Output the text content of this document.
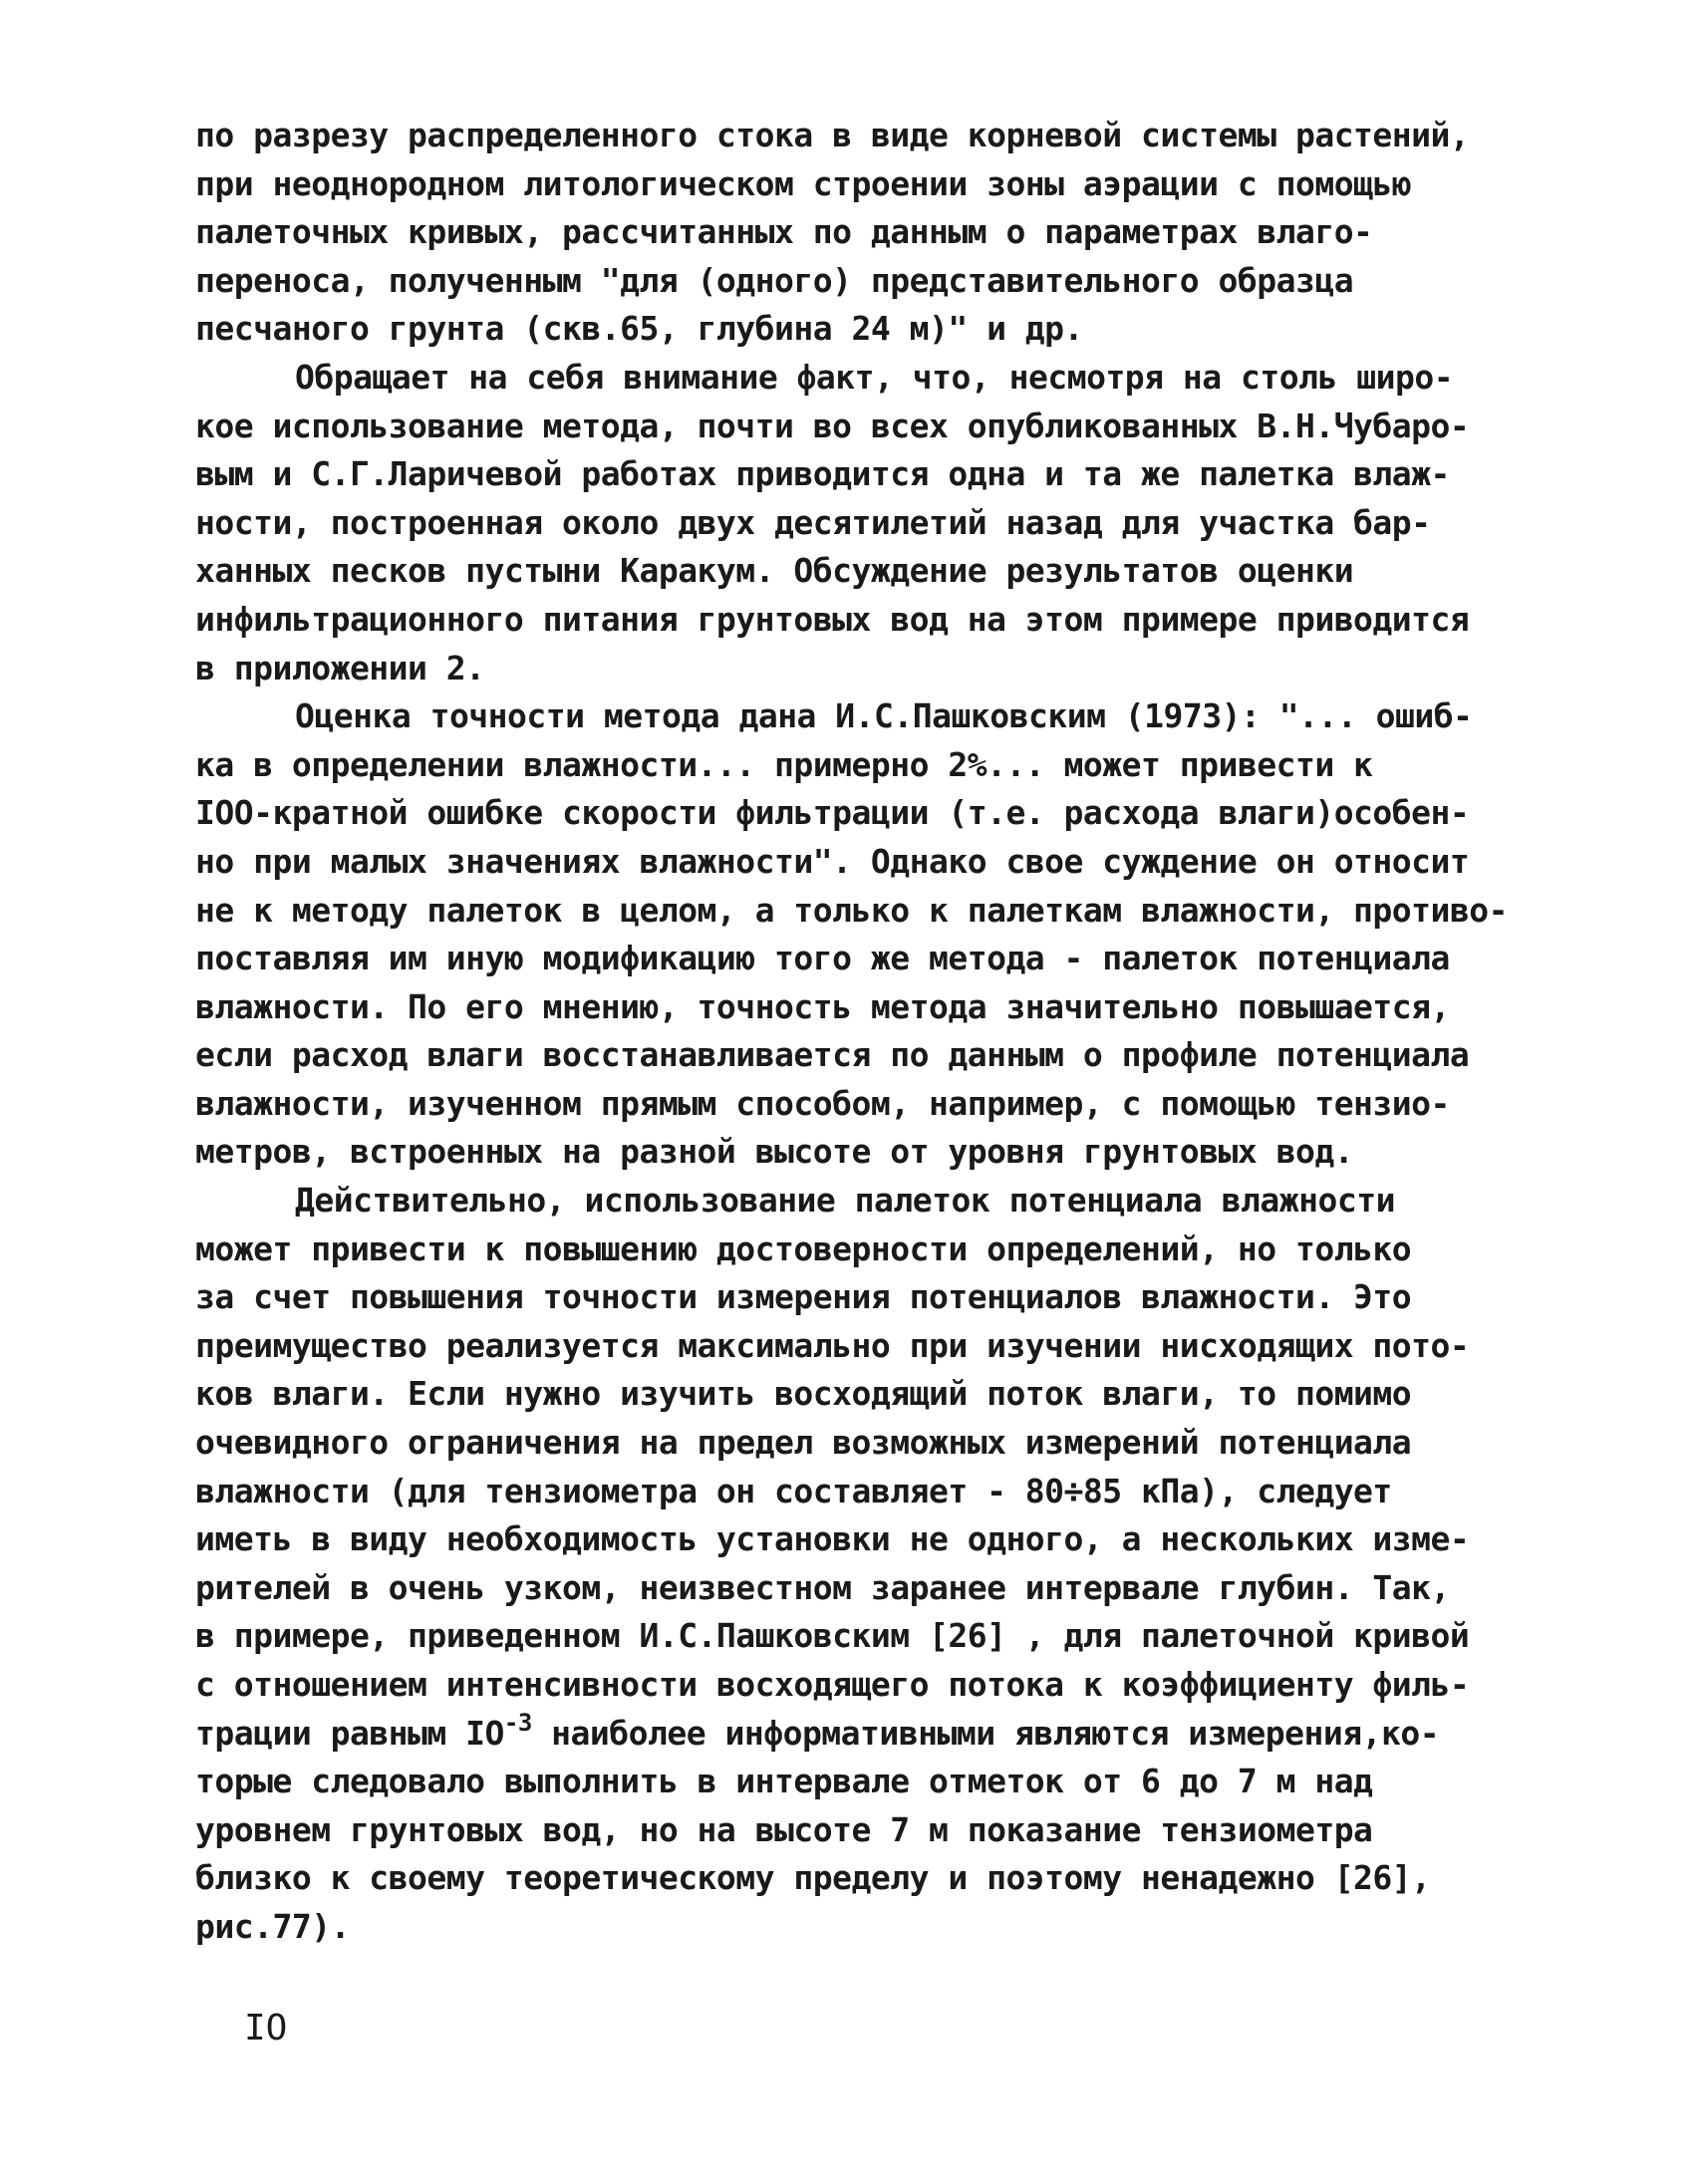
по разрезу распределенного стока в виде корневой системы растений,
при неоднородном литологическом строении зоны аэрации с помощью
палеточных кривых, рассчитанных по данным о параметрах влаго-
переноса, полученным "для (одного) представительного образца
песчаного грунта (скв.65, глубина 24 м)" и др.
Обращает на себя внимание факт, что, несмотря на столь широ-
кое использование метода, почти во всех опубликованных В.Н.Чубаро-
вым и С.Г.Ларичевой работах приводится одна и та же палетка влаж-
ности, построенная около двух десятилетий назад для участка бар-
ханных песков пустыни Каракум. Обсуждение результатов оценки
инфильтрационного питания грунтовых вод на этом примере приводится
в приложении 2.
Оценка точности метода дана И.С.Пашковским (1973): "... ошиб-
ка в определении влажности... примерно 2%... может привести к
IOO-кратной ошибке скорости фильтрации (т.е. расхода влаги)особен-
но при малых значениях влажности". Однако свое суждение он относит
не к методу палеток в целом, а только к палеткам влажности, противо-
поставляя им иную модификацию того же метода - палеток потенциала
влажности. По его мнению, точность метода значительно повышается,
если расход влаги восстанавливается по данным о профиле потенциала
влажности, изученном прямым способом, например, с помощью тензио-
метров, встроенных на разной высоте от уровня грунтовых вод.
Действительно, использование палеток потенциала влажности
может привести к повышению достоверности определений, но только
за счет повышения точности измерения потенциалов влажности. Это
преимущество реализуется максимально при изучении нисходящих пото-
ков влаги. Если нужно изучить восходящий поток влаги, то помимо
очевидного ограничения на предел возможных измерений потенциала
влажности (для тензиометра он составляет - 80÷85 кПа), следует
иметь в виду необходимость установки не одного, а нескольких изме-
рителей в очень узком, неизвестном заранее интервале глубин. Так,
в примере, приведенном И.С.Пашковским [26] , для палеточной кривой
с отношением интенсивности восходящего потока к коэффициенту филь-
трации равным $IO^{-3}$ наиболее информативными являются измерения,ко-
торые следовало выполнить в интервале отметок от 6 до 7 м над
уровнем грунтовых вод, но на высоте 7 м показание тензиометра
близко к своему теоретическому пределу и поэтому ненадежно [26],
рис.77).
IO
